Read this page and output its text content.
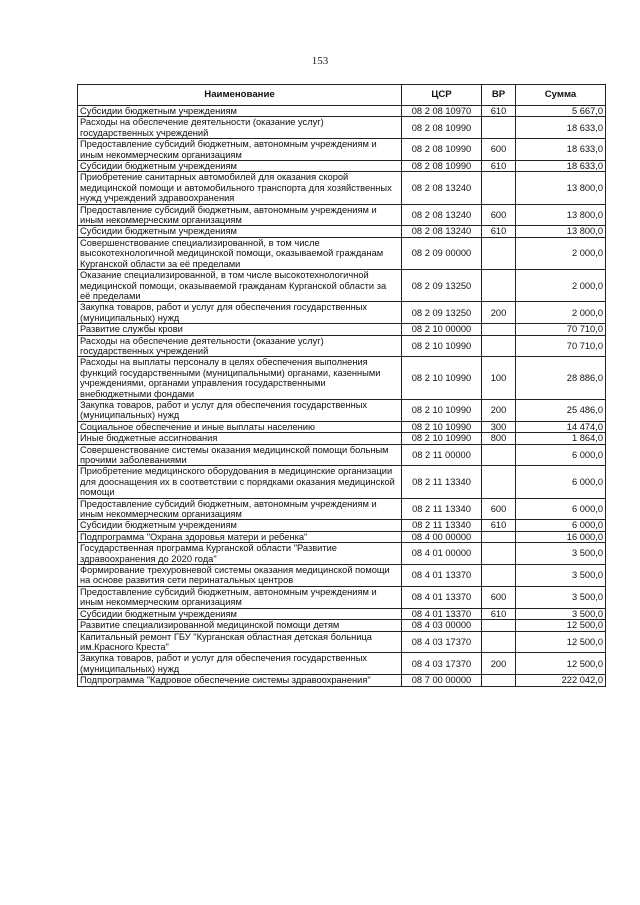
153
Наименование	ЦСР	ВР	Сумма
Субсидии бюджетным учреждениям	08 2 08 10970	610	5 667,0
Расходы на обеспечение деятельности (оказание услуг) государственных учреждений	08 2 08 10990		18 633,0
Предоставление субсидий бюджетным, автономным учреждениям и иным некоммерческим организациям	08 2 08 10990	600	18 633,0
Субсидии бюджетным учреждениям	08 2 08 10990	610	18 633,0
Приобретение санитарных автомобилей для оказания скорой медицинской помощи и автомобильного транспорта для хозяйственных нужд учреждений здравоохранения	08 2 08 13240		13 800,0
Предоставление субсидий бюджетным, автономным учреждениям и иным некоммерческим организациям	08 2 08 13240	600	13 800,0
Субсидии бюджетным учреждениям	08 2 08 13240	610	13 800,0
Совершенствование специализированной, в том числе высокотехнологичной медицинской помощи, оказываемой гражданам Курганской области за её пределами	08 2 09 00000		2 000,0
Оказание специализированной, в том числе высокотехнологичной медицинской помощи, оказываемой гражданам Курганской области за её пределами	08 2 09 13250		2 000,0
Закупка товаров, работ и услуг для обеспечения государственных (муниципальных) нужд	08 2 09 13250	200	2 000,0
Развитие службы крови	08 2 10 00000		70 710,0
Расходы на обеспечение деятельности (оказание услуг) государственных учреждений	08 2 10 10990		70 710,0
Расходы на выплаты персоналу в целях обеспечения выполнения функций государственными (муниципальными) органами, казенными учреждениями, органами управления государственными внебюджетными фондами	08 2 10 10990	100	28 886,0
Закупка товаров, работ и услуг для обеспечения государственных (муниципальных) нужд	08 2 10 10990	200	25 486,0
Социальное обеспечение и иные выплаты населению	08 2 10 10990	300	14 474,0
Иные бюджетные ассигнования	08 2 10 10990	800	1 864,0
Совершенствование системы оказания медицинской помощи больным прочими заболеваниями	08 2 11 00000		6 000,0
Приобретение медицинского оборудования в медицинские организации для дооснащения их в соответствии с порядками оказания медицинской помощи	08 2 11 13340		6 000,0
Предоставление субсидий бюджетным, автономным учреждениям и иным некоммерческим организациям	08 2 11 13340	600	6 000,0
Субсидии бюджетным учреждениям	08 2 11 13340	610	6 000,0
Подпрограмма "Охрана здоровья матери и ребенка"	08 4 00 00000		16 000,0
Государственная программа Курганской области "Развитие здравоохранения до 2020 года"	08 4 01 00000		3 500,0
Формирование трехуровневой системы оказания медицинской помощи на основе развития сети перинатальных центров	08 4 01 13370		3 500,0
Предоставление субсидий бюджетным, автономным учреждениям и иным некоммерческим организациям	08 4 01 13370	600	3 500,0
Субсидии бюджетным учреждениям	08 4 01 13370	610	3 500,0
Развитие специализированной медицинской помощи детям	08 4 03 00000		12 500,0
Капитальный ремонт ГБУ "Курганская областная детская больница им.Красного Креста"	08 4 03 17370		12 500,0
Закупка товаров, работ и услуг для обеспечения государственных (муниципальных) нужд	08 4 03 17370	200	12 500,0
Подпрограмма "Кадровое обеспечение системы здравоохранения"	08 7 00 00000		222 042,0
